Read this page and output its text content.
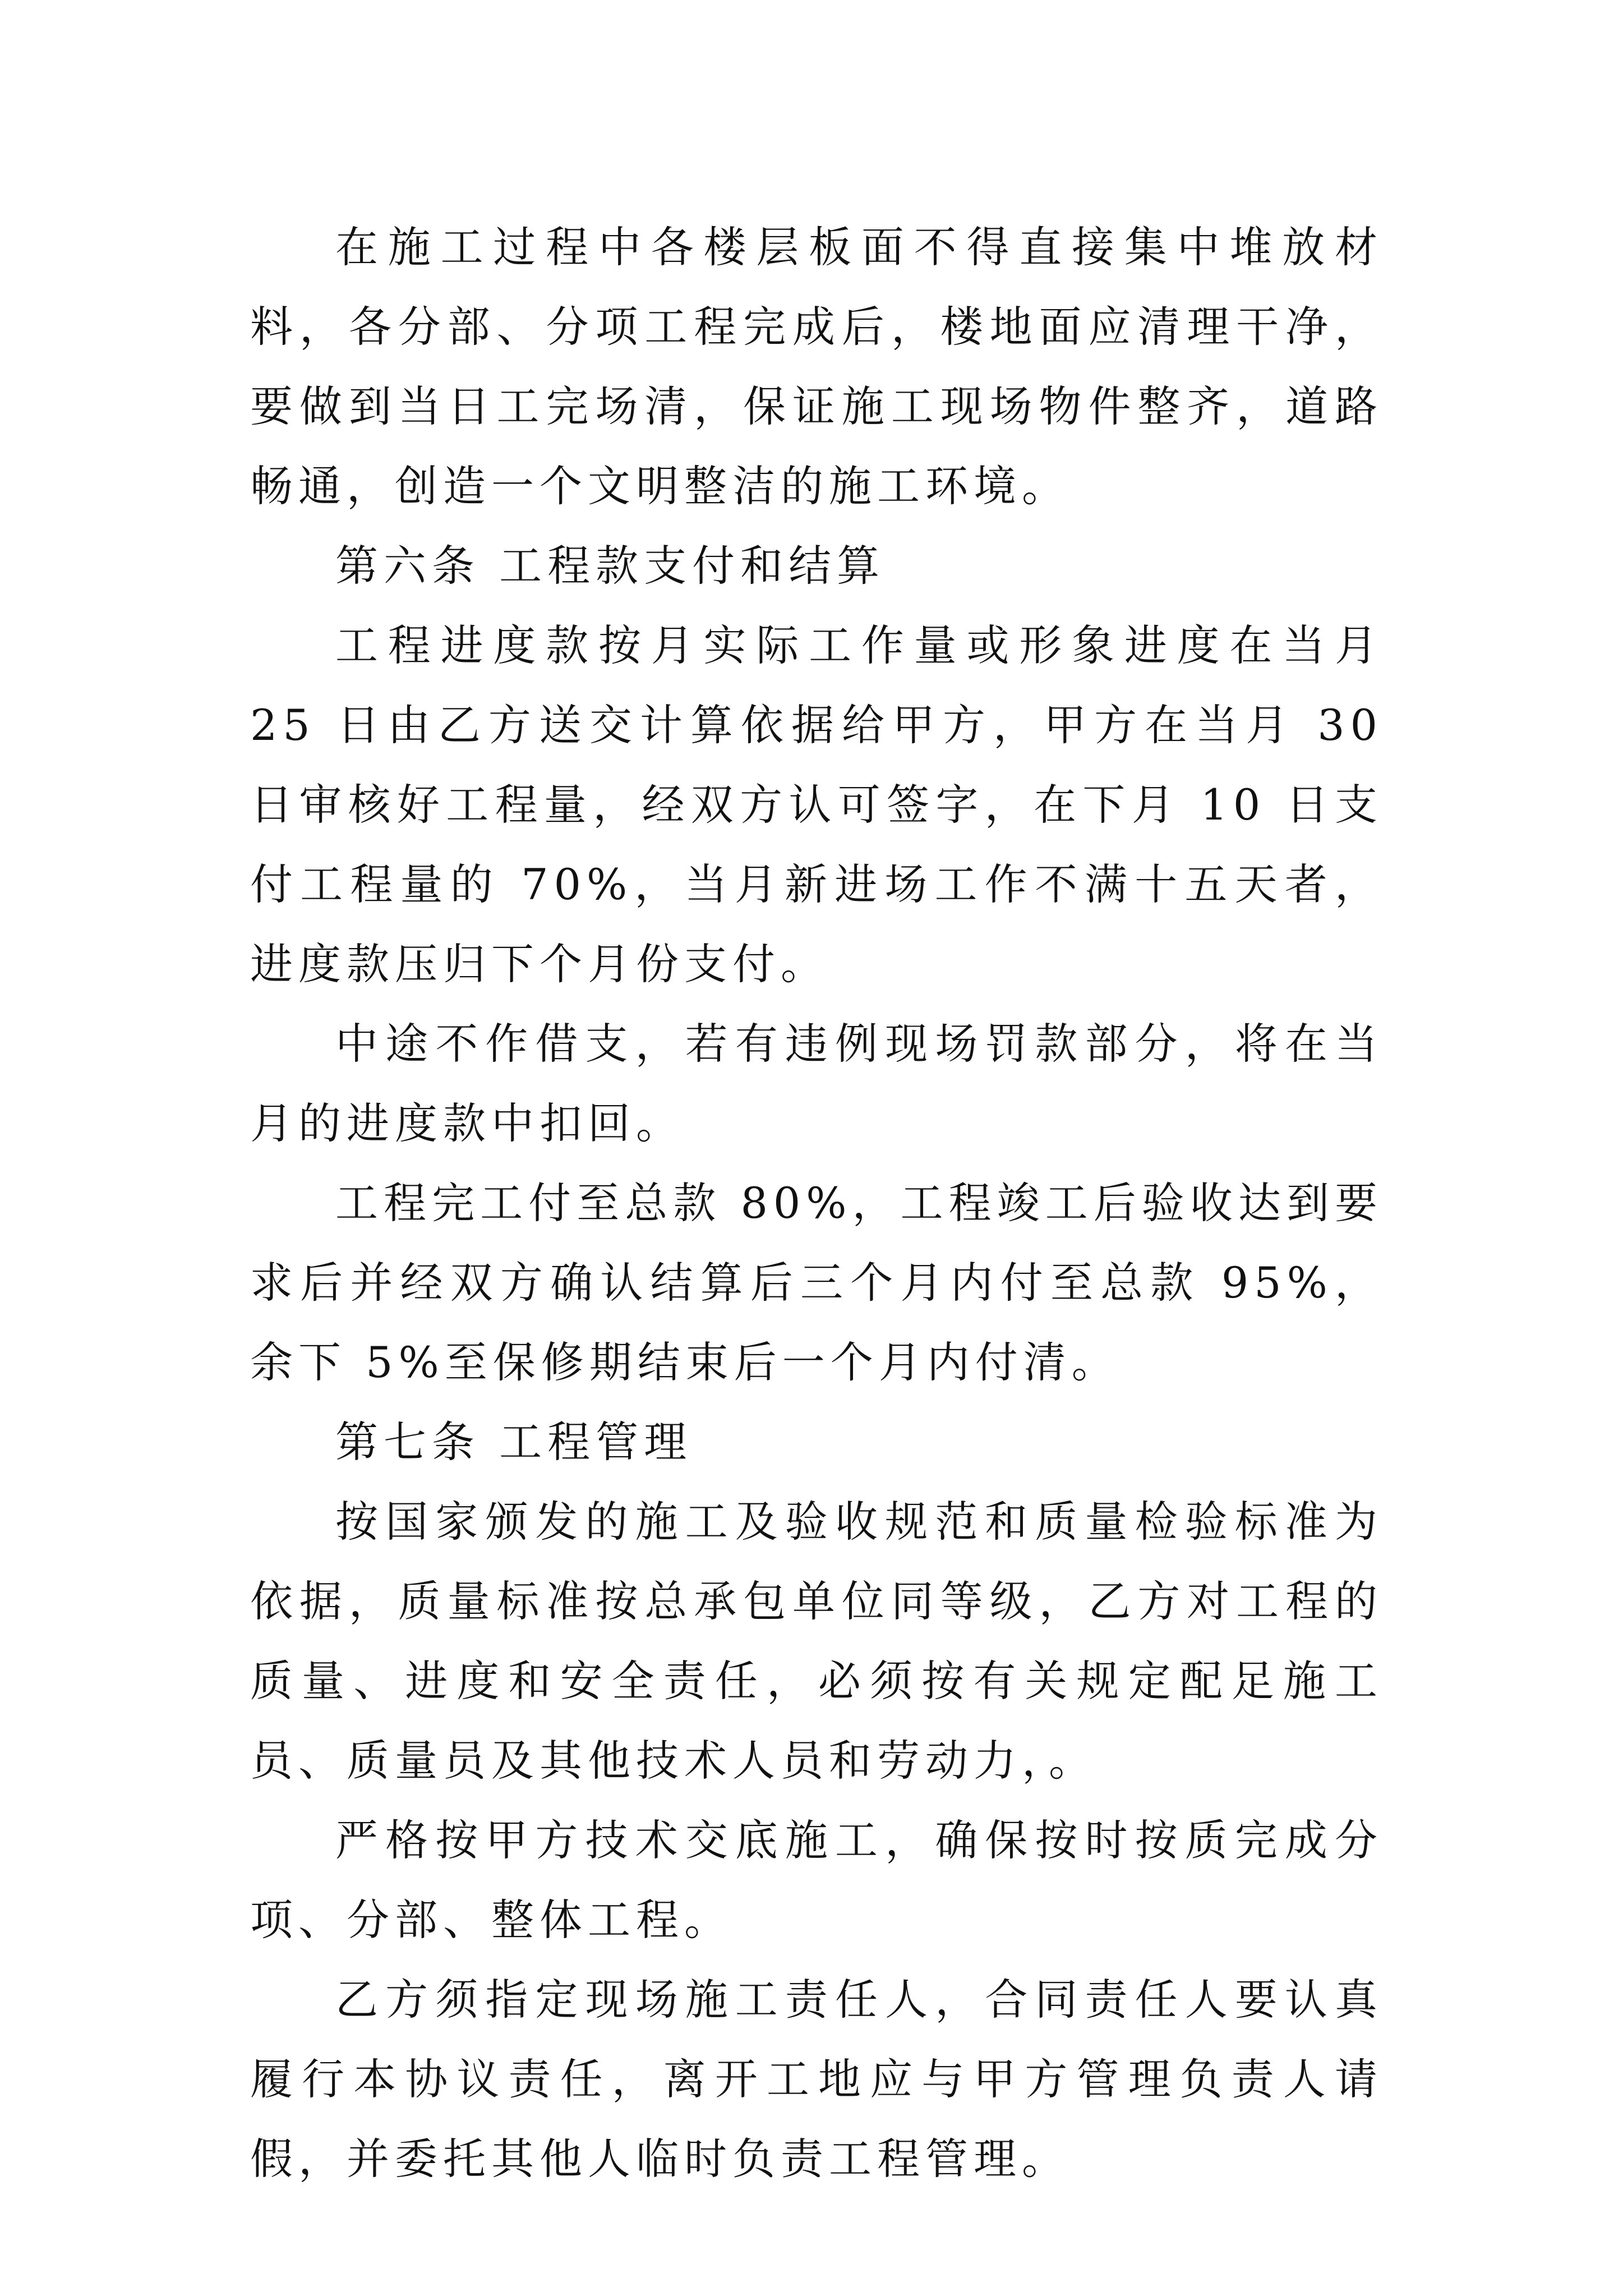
在施工过程中各楼层板面不得直接集中堆放材料，各分部、分项工程完成后，楼地面应清理干净，要做到当日工完场清，保证施工现场物件整齐，道路畅通，创造一个文明整洁的施工环境。

第六条 工程款支付和结算

工程进度款按月实际工作量或形象进度在当月 25 日由乙方送交计算依据给甲方，甲方在当月 30 日审核好工程量，经双方认可签字，在下月 10 日支付工程量的 70%，当月新进场工作不满十五天者，进度款压归下个月份支付。

中途不作借支，若有违例现场罚款部分，将在当月的进度款中扣回。

工程完工付至总款 80%，工程竣工后验收达到要求后并经双方确认结算后三个月内付至总款 95%，余下 5%至保修期结束后一个月内付清。

第七条 工程管理

按国家颁发的施工及验收规范和质量检验标准为依据，质量标准按总承包单位同等级，乙方对工程的质量、进度和安全责任，必须按有关规定配足施工员、质量员及其他技术人员和劳动力，。

严格按甲方技术交底施工，确保按时按质完成分项、分部、整体工程。

乙方须指定现场施工责任人，合同责任人要认真履行本协议责任，离开工地应与甲方管理负责人请假，并委托其他人临时负责工程管理。
